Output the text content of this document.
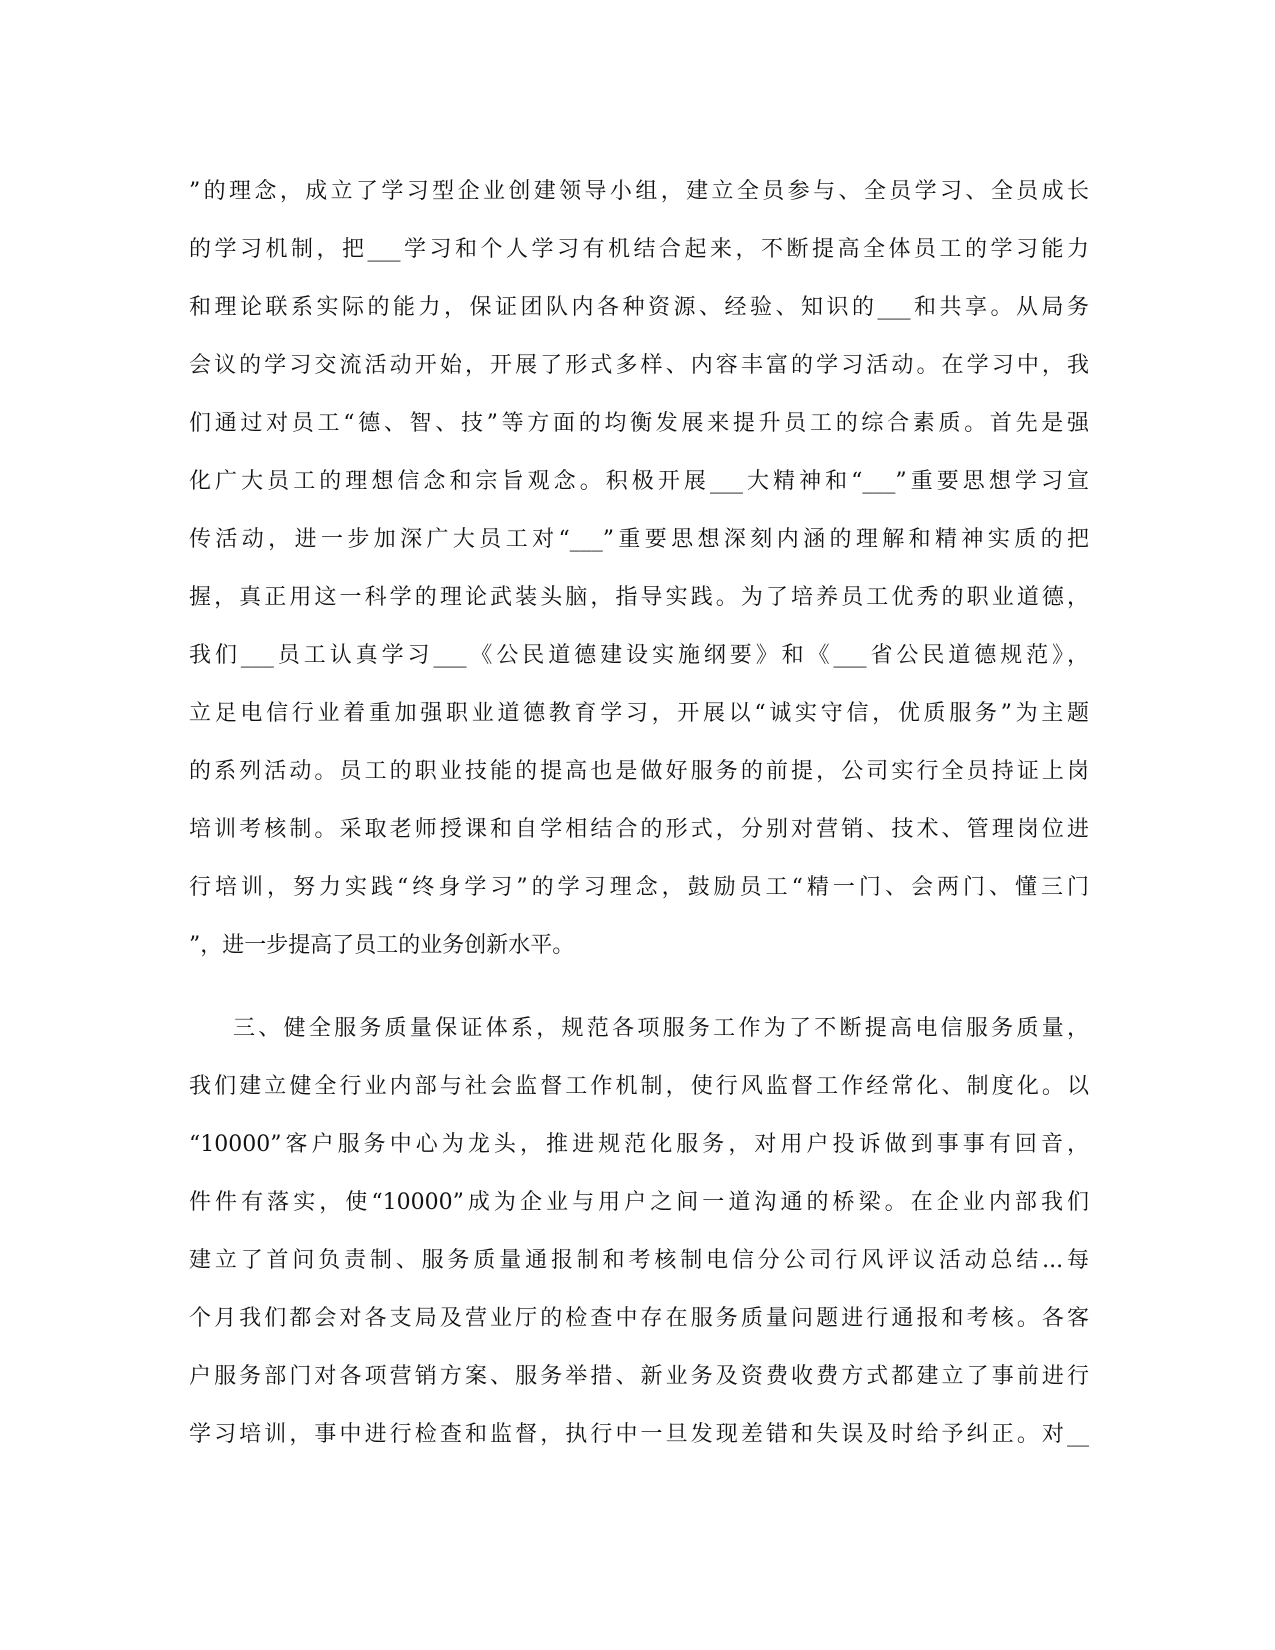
”的理念，成立了学习型企业创建领导小组，建立全员参与、全员学习、全员成长
的学习机制，把___学习和个人学习有机结合起来，不断提高全体员工的学习能力
和理论联系实际的能力，保证团队内各种资源、经验、知识的___和共享。从局务
会议的学习交流活动开始，开展了形式多样、内容丰富的学习活动。在学习中，我
们通过对员工“德、智、技”等方面的均衡发展来提升员工的综合素质。首先是强
化广大员工的理想信念和宗旨观念。积极开展___大精神和“___”重要思想学习宣
传活动，进一步加深广大员工对“___”重要思想深刻内涵的理解和精神实质的把
握，真正用这一科学的理论武装头脑，指导实践。为了培养员工优秀的职业道德，
我们___员工认真学习___《公民道德建设实施纲要》和《___省公民道德规范》，
立足电信行业着重加强职业道德教育学习，开展以“诚实守信，优质服务”为主题
的系列活动。员工的职业技能的提高也是做好服务的前提，公司实行全员持证上岗
培训考核制。采取老师授课和自学相结合的形式，分别对营销、技术、管理岗位进
行培训，努力实践“终身学习”的学习理念，鼓励员工“精一门、会两门、懂三门
”，进一步提高了员工的业务创新水平。
三、健全服务质量保证体系，规范各项服务工作为了不断提高电信服务质量，
我们建立健全行业内部与社会监督工作机制，使行风监督工作经常化、制度化。以
“10000”客户服务中心为龙头，推进规范化服务，对用户投诉做到事事有回音，
件件有落实，使“10000”成为企业与用户之间一道沟通的桥梁。在企业内部我们
建立了首问负责制、服务质量通报制和考核制电信分公司行风评议活动总结...每
个月我们都会对各支局及营业厅的检查中存在服务质量问题进行通报和考核。各客
户服务部门对各项营销方案、服务举措、新业务及资费收费方式都建立了事前进行
学习培训，事中进行检查和监督，执行中一旦发现差错和失误及时给予纠正。对__
